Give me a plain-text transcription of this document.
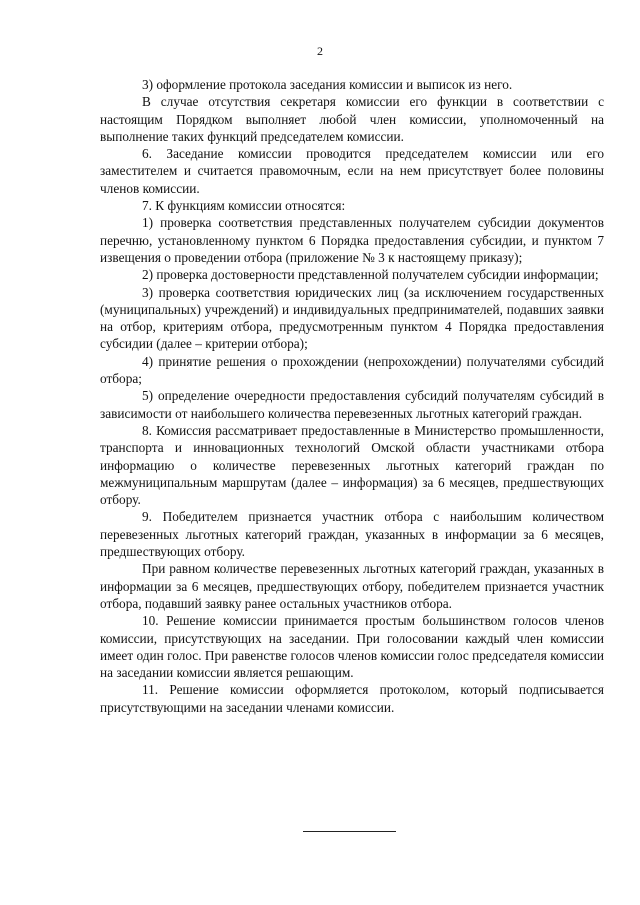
2

3) оформление протокола заседания комиссии и выписок из него.

В случае отсутствия секретаря комиссии его функции в соответствии с настоящим Порядком выполняет любой член комиссии, уполномоченный на выполнение таких функций председателем комиссии.

6. Заседание комиссии проводится председателем комиссии или его заместителем и считается правомочным, если на нем присутствует более половины членов комиссии.

7. К функциям комиссии относятся:

1) проверка соответствия представленных получателем субсидии документов перечню, установленному пунктом 6 Порядка предоставления субсидии, и пунктом 7 извещения о проведении отбора (приложение № 3 к настоящему приказу);

2) проверка достоверности представленной получателем субсидии информации;

3) проверка соответствия юридических лиц (за исключением государственных (муниципальных) учреждений) и индивидуальных предпринимателей, подавших заявки на отбор, критериям отбора, предусмотренным пунктом 4 Порядка предоставления субсидии (далее – критерии отбора);

4) принятие решения о прохождении (непрохождении) получателями субсидий отбора;

5) определение очередности предоставления субсидий получателям субсидий в зависимости от наибольшего количества перевезенных льготных категорий граждан.

8. Комиссия рассматривает предоставленные в Министерство промышленности, транспорта и инновационных технологий Омской области участниками отбора информацию о количестве перевезенных льготных категорий граждан по межмуниципальным маршрутам (далее – информация) за 6 месяцев, предшествующих отбору.

9. Победителем признается участник отбора с наибольшим количеством перевезенных льготных категорий граждан, указанных в информации за 6 месяцев, предшествующих отбору.

При равном количестве перевезенных льготных категорий граждан, указанных в информации за 6 месяцев, предшествующих отбору, победителем признается участник отбора, подавший заявку ранее остальных участников отбора.

10. Решение комиссии принимается простым большинством голосов членов комиссии, присутствующих на заседании. При голосовании каждый член комиссии имеет один голос. При равенстве голосов членов комиссии голос председателя комиссии на заседании комиссии является решающим.

11. Решение комиссии оформляется протоколом, который подписывается присутствующими на заседании членами комиссии.
